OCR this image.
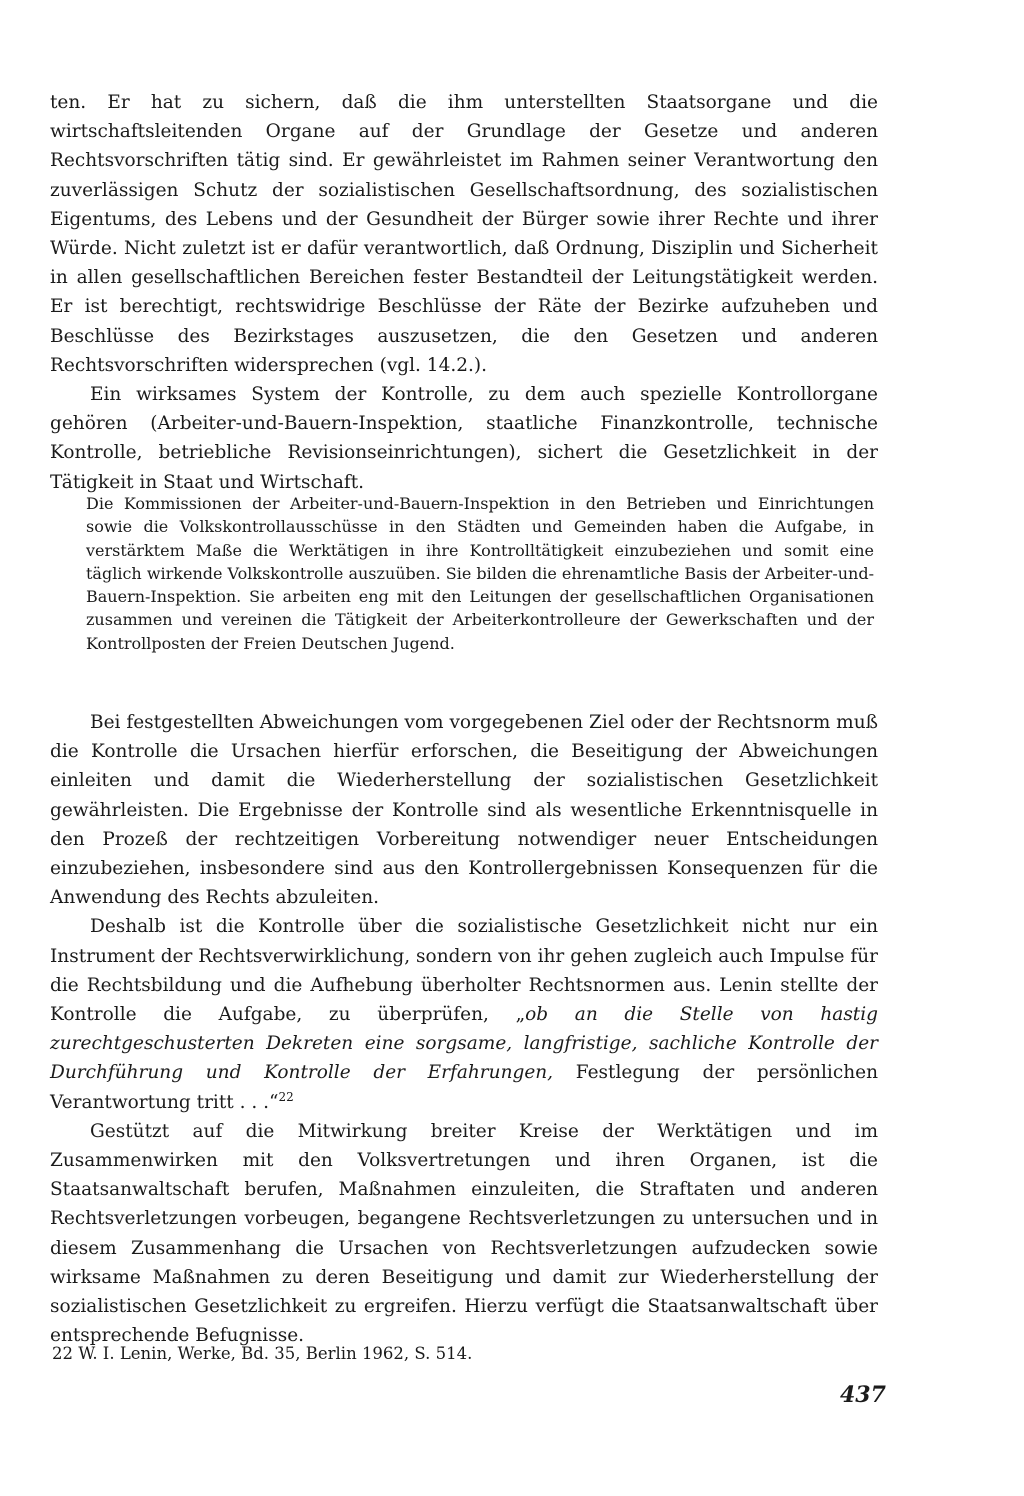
ten. Er hat zu sichern, daß die ihm unterstellten Staatsorgane und die wirtschaftsleitenden Organe auf der Grundlage der Gesetze und anderen Rechtsvorschriften tätig sind. Er gewährleistet im Rahmen seiner Verantwortung den zuverlässigen Schutz der sozialistischen Gesellschaftsordnung, des sozialistischen Eigentums, des Lebens und der Gesundheit der Bürger sowie ihrer Rechte und ihrer Würde. Nicht zuletzt ist er dafür verantwortlich, daß Ordnung, Disziplin und Sicherheit in allen gesellschaftlichen Bereichen fester Bestandteil der Leitungstätigkeit werden. Er ist berechtigt, rechtswidrige Beschlüsse der Räte der Bezirke aufzuheben und Beschlüsse des Bezirkstages auszusetzen, die den Gesetzen und anderen Rechtsvorschriften widersprechen (vgl. 14.2.).

Ein wirksames System der Kontrolle, zu dem auch spezielle Kontrollorgane gehören (Arbeiter-und-Bauern-Inspektion, staatliche Finanzkontrolle, technische Kontrolle, betriebliche Revisionseinrichtungen), sichert die Gesetzlichkeit in der Tätigkeit in Staat und Wirtschaft.

Die Kommissionen der Arbeiter-und-Bauern-Inspektion in den Betrieben und Einrichtungen sowie die Volkskontrollausschüsse in den Städten und Gemeinden haben die Aufgabe, in verstärktem Maße die Werktätigen in ihre Kontrolltätigkeit einzubeziehen und somit eine täglich wirkende Volkskontrolle auszuüben. Sie bilden die ehrenamtliche Basis der Arbeiter-und-Bauern-Inspektion. Sie arbeiten eng mit den Leitungen der gesellschaftlichen Organisationen zusammen und vereinen die Tätigkeit der Arbeiterkontrolleure der Gewerkschaften und der Kontrollposten der Freien Deutschen Jugend.

Bei festgestellten Abweichungen vom vorgegebenen Ziel oder der Rechtsnorm muß die Kontrolle die Ursachen hierfür erforschen, die Beseitigung der Abweichungen einleiten und damit die Wiederherstellung der sozialistischen Gesetzlichkeit gewährleisten. Die Ergebnisse der Kontrolle sind als wesentliche Erkenntnisquelle in den Prozeß der rechtzeitigen Vorbereitung notwendiger neuer Entscheidungen einzubeziehen, insbesondere sind aus den Kontrollergebnissen Konsequenzen für die Anwendung des Rechts abzuleiten.

Deshalb ist die Kontrolle über die sozialistische Gesetzlichkeit nicht nur ein Instrument der Rechtsverwirklichung, sondern von ihr gehen zugleich auch Impulse für die Rechtsbildung und die Aufhebung überholter Rechtsnormen aus. Lenin stellte der Kontrolle die Aufgabe, zu überprüfen, „ob an die Stelle von hastig zurechtgeschusterten Dekreten eine sorgsame, langfristige, sachliche Kontrolle der Durchführung und Kontrolle der Erfahrungen, Festlegung der persönlichen Verantwortung tritt . . .“$^{22}$

Gestützt auf die Mitwirkung breiter Kreise der Werktätigen und im Zusammenwirken mit den Volksvertretungen und ihren Organen, ist die Staatsanwaltschaft berufen, Maßnahmen einzuleiten, die Straftaten und anderen Rechtsverletzungen vorbeugen, begangene Rechtsverletzungen zu untersuchen und in diesem Zusammenhang die Ursachen von Rechtsverletzungen aufzudecken sowie wirksame Maßnahmen zu deren Beseitigung und damit zur Wiederherstellung der sozialistischen Gesetzlichkeit zu ergreifen. Hierzu verfügt die Staatsanwaltschaft über entsprechende Befugnisse.

22 W. I. Lenin, Werke, Bd. 35, Berlin 1962, S. 514.
437
